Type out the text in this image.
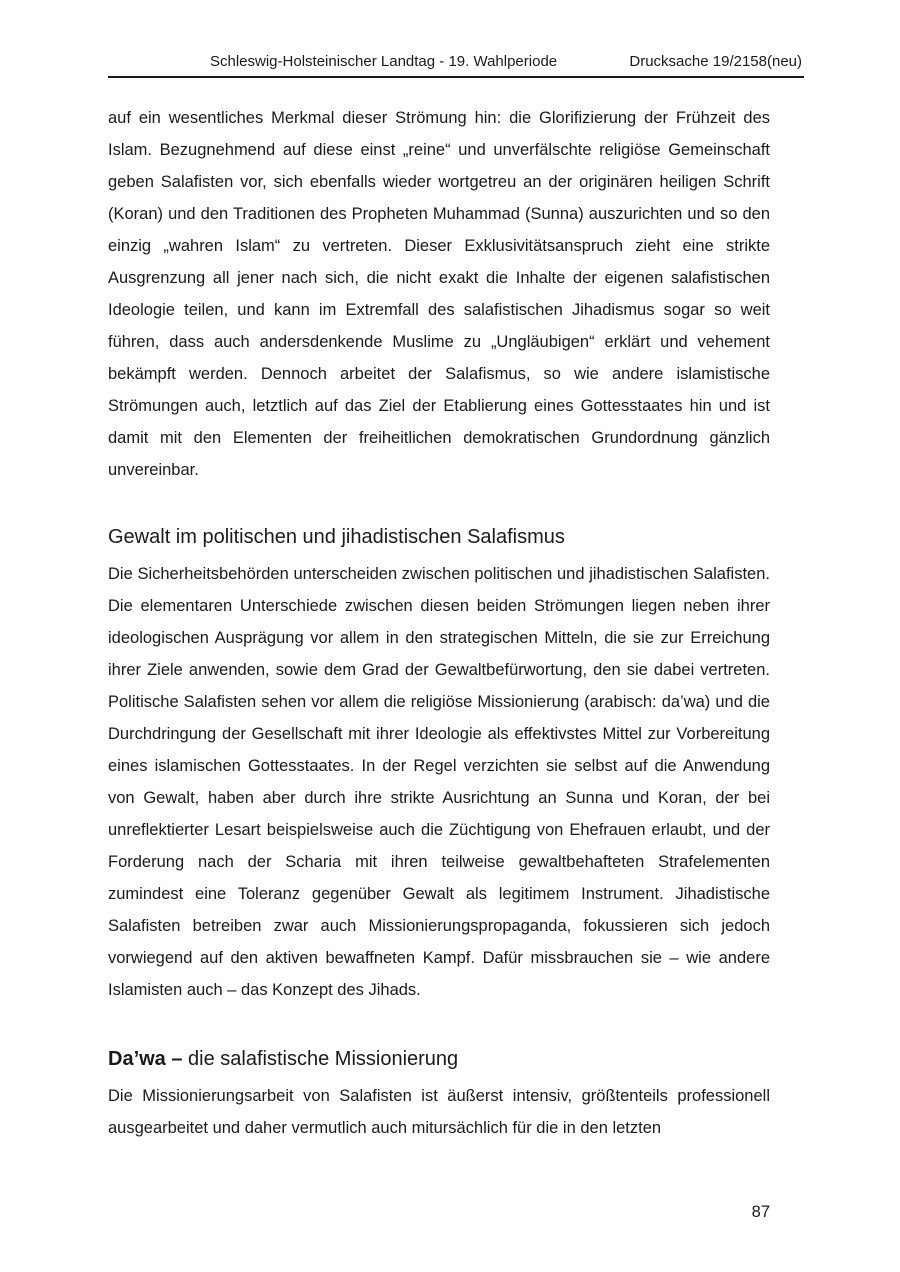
Schleswig-Holsteinischer Landtag - 19. Wahlperiode	Drucksache 19/2158(neu)

auf ein wesentliches Merkmal dieser Strömung hin: die Glorifizierung der Frühzeit des Islam. Bezugnehmend auf diese einst „reine“ und unverfälschte religiöse Gemeinschaft geben Salafisten vor, sich ebenfalls wieder wortgetreu an der originären heiligen Schrift (Koran) und den Traditionen des Propheten Muhammad (Sunna) auszurichten und so den einzig „wahren Islam“ zu vertreten. Dieser Exklusivitätsanspruch zieht eine strikte Ausgrenzung all jener nach sich, die nicht exakt die Inhalte der eigenen salafistischen Ideologie teilen, und kann im Extremfall des salafistischen Jihadismus sogar so weit führen, dass auch andersdenkende Muslime zu „Ungläubigen“ erklärt und vehement bekämpft werden. Dennoch arbeitet der Salafismus, so wie andere islamistische Strömungen auch, letztlich auf das Ziel der Etablierung eines Gottesstaates hin und ist damit mit den Elementen der freiheitlichen demokratischen Grundordnung gänzlich unvereinbar.

Gewalt im politischen und jihadistischen Salafismus

Die Sicherheitsbehörden unterscheiden zwischen politischen und jihadistischen Salafisten. Die elementaren Unterschiede zwischen diesen beiden Strömungen liegen neben ihrer ideologischen Ausprägung vor allem in den strategischen Mitteln, die sie zur Erreichung ihrer Ziele anwenden, sowie dem Grad der Gewaltbefürwortung, den sie dabei vertreten. Politische Salafisten sehen vor allem die religiöse Missionierung (arabisch: da’wa) und die Durchdringung der Gesellschaft mit ihrer Ideologie als effektivstes Mittel zur Vorbereitung eines islamischen Gottesstaates. In der Regel verzichten sie selbst auf die Anwendung von Gewalt, haben aber durch ihre strikte Ausrichtung an Sunna und Koran, der bei unreflektierter Lesart beispielsweise auch die Züchtigung von Ehefrauen erlaubt, und der Forderung nach der Scharia mit ihren teilweise gewaltbehafteten Strafelementen zumindest eine Toleranz gegenüber Gewalt als legitimem Instrument. Jihadistische Salafisten betreiben zwar auch Missionierungspropaganda, fokussieren sich jedoch vorwiegend auf den aktiven bewaffneten Kampf. Dafür missbrauchen sie – wie andere Islamisten auch – das Konzept des Jihads.

Da’wa – die salafistische Missionierung

Die Missionierungsarbeit von Salafisten ist äußerst intensiv, größtenteils professionell ausgearbeitet und daher vermutlich auch mitursächlich für die in den letzten

87
